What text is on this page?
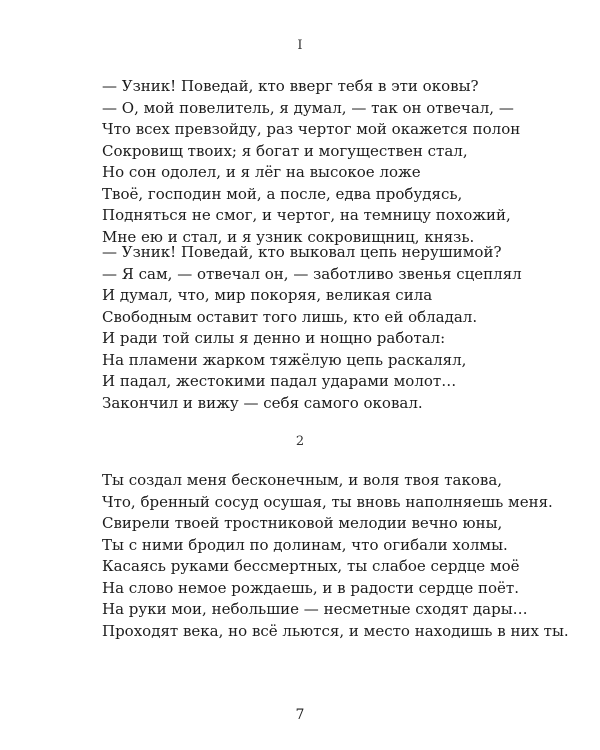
I
— Узник! Поведай, кто вверг тебя в эти оковы?
— О, мой повелитель, я думал, — так он отвечал, —
Что всех превзойду, раз чертог мой окажется полон
Сокровищ твоих; я богат и могуществен стал,
Но сон одолел, и я лёг на высокое ложе
Твоё, господин мой, а после, едва пробудясь,
Подняться не смог, и чертог, на темницу похожий,
Мне ею и стал, и я узник сокровищниц, князь.
— Узник! Поведай, кто выковал цепь нерушимой?
— Я сам, — отвечал он, — заботливо звенья сцеплял
И думал, что, мир покоряя, великая сила
Свободным оставит того лишь, кто ей обладал.
И ради той силы я денно и нощно работал:
На пламени жарком тяжёлую цепь раскалял,
И падал, жестокими падал ударами молот…
Закончил и вижу — себя самого оковал.
2
Ты создал меня бесконечным, и воля твоя такова,
Что, бренный сосуд осушая, ты вновь наполняешь меня.
Свирели твоей тростниковой мелодии вечно юны,
Ты с ними бродил по долинам, что огибали холмы.
Касаясь руками бессмертных, ты слабое сердце моё
На слово немое рождаешь, и в радости сердце поёт.
На руки мои, небольшие — несметные сходят дары…
Проходят века, но всё льются, и место находишь в них ты.
7
